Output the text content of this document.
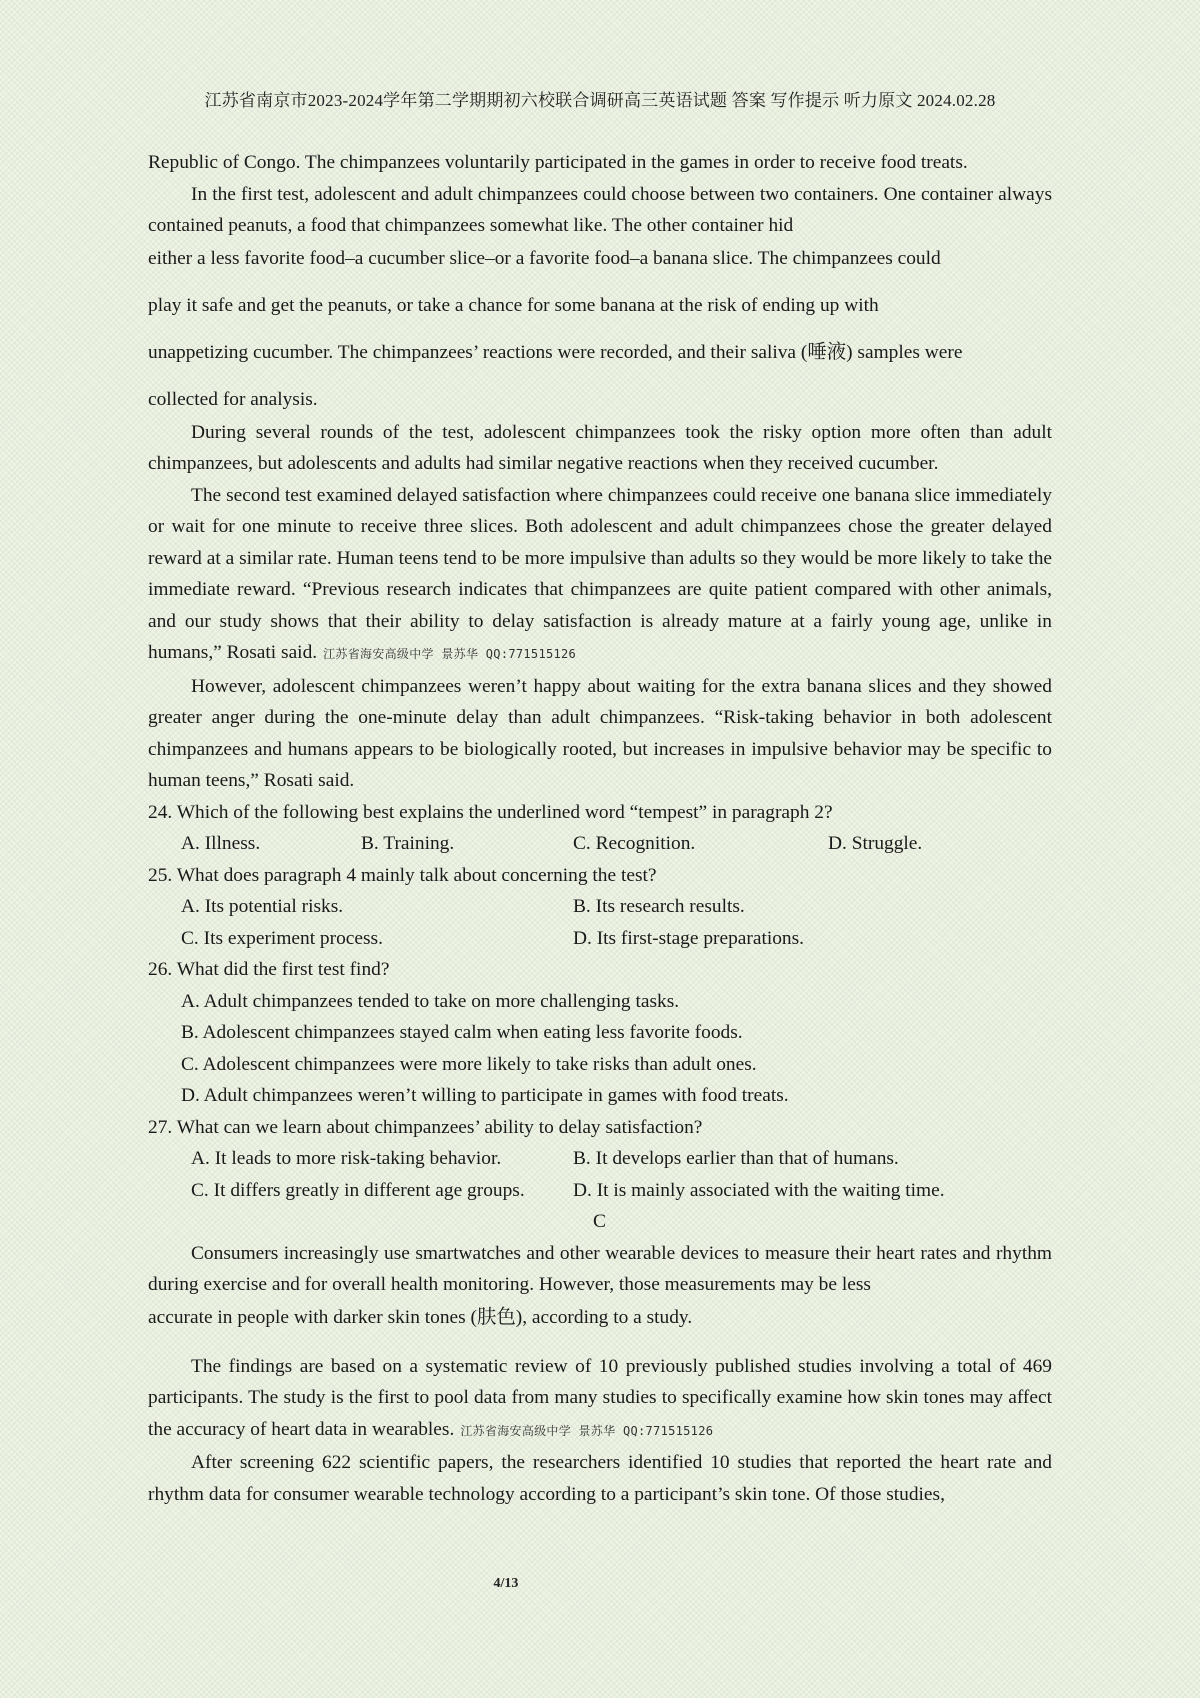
江苏省南京市2023-2024学年第二学期期初六校联合调研高三英语试题 答案 写作提示 听力原文 2024.02.28

Republic of Congo. The chimpanzees voluntarily participated in the games in order to receive food treats.

In the first test, adolescent and adult chimpanzees could choose between two containers. One container always contained peanuts, a food that chimpanzees somewhat like. The other container hid
either a less favorite food–a cucumber slice–or a favorite food–a banana slice. The chimpanzees could
play it safe and get the peanuts, or take a chance for some banana at the risk of ending up with
unappetizing cucumber. The chimpanzees’ reactions were recorded, and their saliva (唾液) samples were
collected for analysis.

During several rounds of the test, adolescent chimpanzees took the risky option more often than adult chimpanzees, but adolescents and adults had similar negative reactions when they received cucumber.

The second test examined delayed satisfaction where chimpanzees could receive one banana slice immediately or wait for one minute to receive three slices. Both adolescent and adult chimpanzees chose the greater delayed reward at a similar rate. Human teens tend to be more impulsive than adults so they would be more likely to take the immediate reward. “Previous research indicates that chimpanzees are quite patient compared with other animals, and our study shows that their ability to delay satisfaction is already mature at a fairly young age, unlike in humans,” Rosati said. 江苏省海安高级中学 景苏华 QQ:771515126

However, adolescent chimpanzees weren’t happy about waiting for the extra banana slices and they showed greater anger during the one-minute delay than adult chimpanzees. “Risk-taking behavior in both adolescent chimpanzees and humans appears to be biologically rooted, but increases in impulsive behavior may be specific to human teens,” Rosati said.

24. Which of the following best explains the underlined word “tempest” in paragraph 2?

A. Illness.	B. Training.	C. Recognition.	D. Struggle.

25. What does paragraph 4 mainly talk about concerning the test?

A. Its potential risks.	B. Its research results.
C. Its experiment process.	D. Its first-stage preparations.

26. What did the first test find?

A. Adult chimpanzees tended to take on more challenging tasks.
B. Adolescent chimpanzees stayed calm when eating less favorite foods.
C. Adolescent chimpanzees were more likely to take risks than adult ones.
D. Adult chimpanzees weren’t willing to participate in games with food treats.

27. What can we learn about chimpanzees’ ability to delay satisfaction?

A. It leads to more risk-taking behavior.	B. It develops earlier than that of humans.
C. It differs greatly in different age groups.	D. It is mainly associated with the waiting time.

C

Consumers increasingly use smartwatches and other wearable devices to measure their heart rates and rhythm during exercise and for overall health monitoring. However, those measurements may be less
accurate in people with darker skin tones (肤色), according to a study.

The findings are based on a systematic review of 10 previously published studies involving a total of 469 participants. The study is the first to pool data from many studies to specifically examine how skin tones may affect the accuracy of heart data in wearables. 江苏省海安高级中学 景苏华 QQ:771515126

After screening 622 scientific papers, the researchers identified 10 studies that reported the heart rate and rhythm data for consumer wearable technology according to a participant’s skin tone. Of those studies,

4/13
